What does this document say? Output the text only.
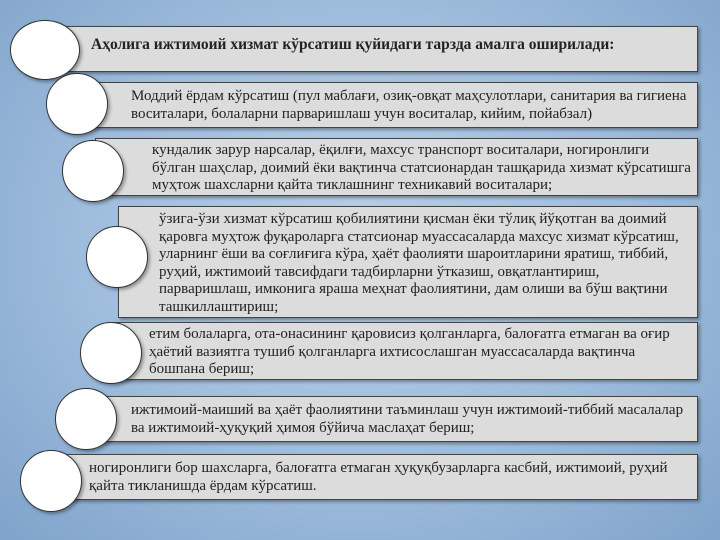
Аҳолига ижтимоий хизмат кўрсатиш қуйидаги тарзда амалга оширилади:
Моддий ёрдам кўрсатиш (пул маблағи, озиқ-овқат маҳсулотлари, санитария ва гигиена воситалари, болаларни парваришлаш учун воситалар, кийим, пойабзал)
кундалик зарур нарсалар, ёқилғи, махсус транспорт воситалари, ногиронлиги бўлган шаҳслар, доимий ёки вақтинча статсионардан ташқарида хизмат кўрсатишга муҳтож шахсларни қайта тиклашнинг техникавий воситалари;
ўзига-ўзи хизмат кўрсатиш қобилиятини қисман ёки тўлиқ йўқотган ва доимий қаровга муҳтож фуқароларга статсионар муассасаларда махсус хизмат кўрсатиш, уларнинг ёши ва соғлиғига кўра, ҳаёт фаолияти шароитларини яратиш, тиббий, руҳий, ижтимоий тавсифдаги тадбирларни ўтказиш, овқатлантириш, парваришлаш, имконига яраша меҳнат фаолиятини, дам олиши ва бўш вақтини ташкиллаштириш;
етим болаларга, ота-онасининг қаровисиз қолганларга, балоғатга етмаган ва оғир ҳаётий вазиятга тушиб қолганларга ихтисослашган муассасаларда вақтинча бошпана бериш;
ижтимоий-маиший ва ҳаёт фаолиятини таъминлаш учун ижтимоий-тиббий масалалар ва ижтимоий-ҳуқуқий ҳимоя бўйича маслаҳат бериш;
ногиронлиги бор шахсларга, балоғатга етмаган ҳуқуқбузарларга касбий, ижтимоий, руҳий қайта тикланишда ёрдам кўрсатиш.
